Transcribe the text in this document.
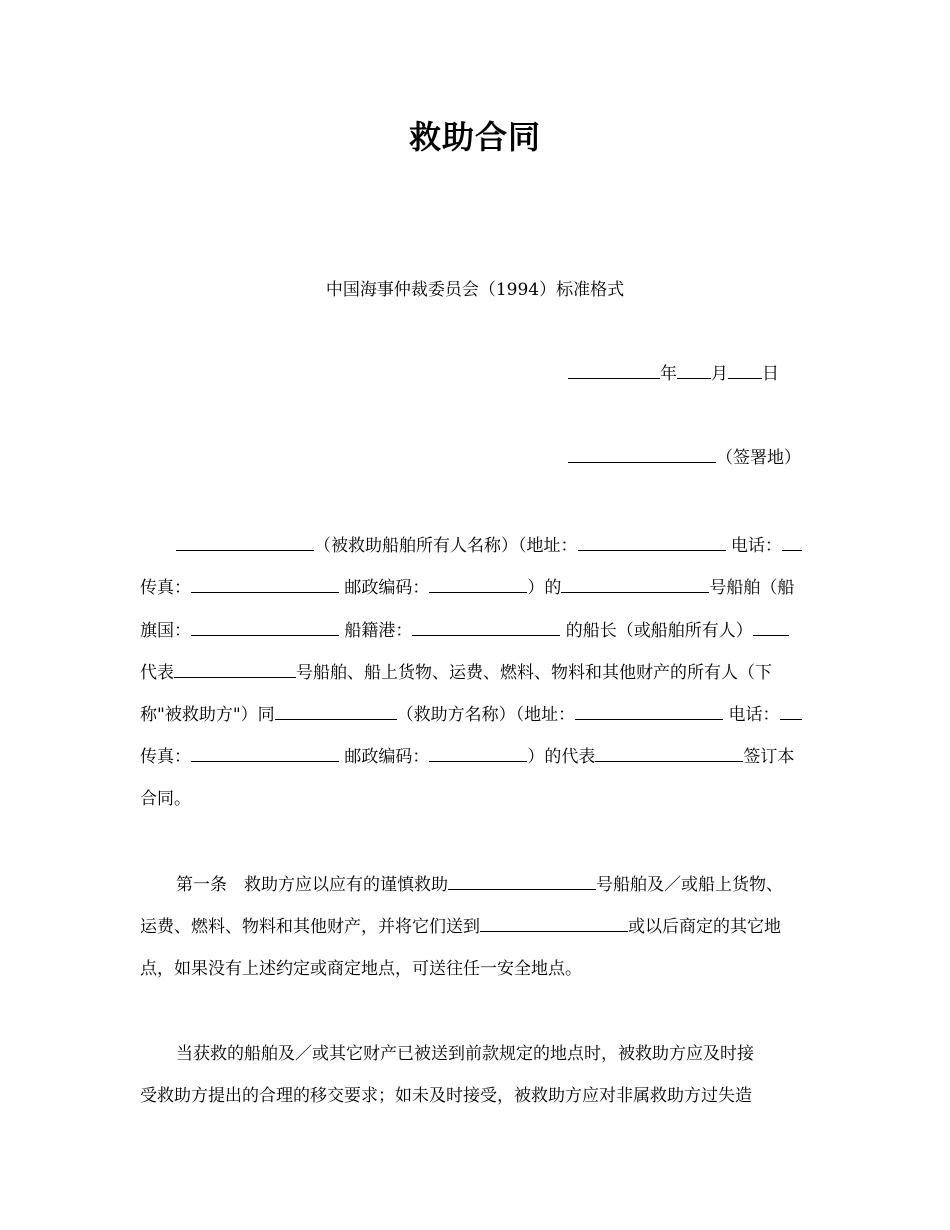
救助合同

中国海事仲裁委员会（1994）标准格式

年 月 日
（签署地）
（被救助船舶所有人名称）（地址：	电话：
传真：	邮政编码：	）的	号船舶（船
旗国：	船籍港：	的船长（或船舶所有人）
代表	号船舶、船上货物、运费、燃料、物料和其他财产的所有人（下
称"被救助方"）同	（救助方名称）（地址：	电话：
传真：	邮政编码：	）的代表	签订本
合同。
第一条　救助方应以应有的谨慎救助	号船舶及／或船上货物、
运费、燃料、物料和其他财产，并将它们送到	或以后商定的其它地
点，如果没有上述约定或商定地点，可送往任一安全地点。
当获救的船舶及／或其它财产已被送到前款规定的地点时，被救助方应及时接
受救助方提出的合理的移交要求；如未及时接受，被救助方应对非属救助方过失造
